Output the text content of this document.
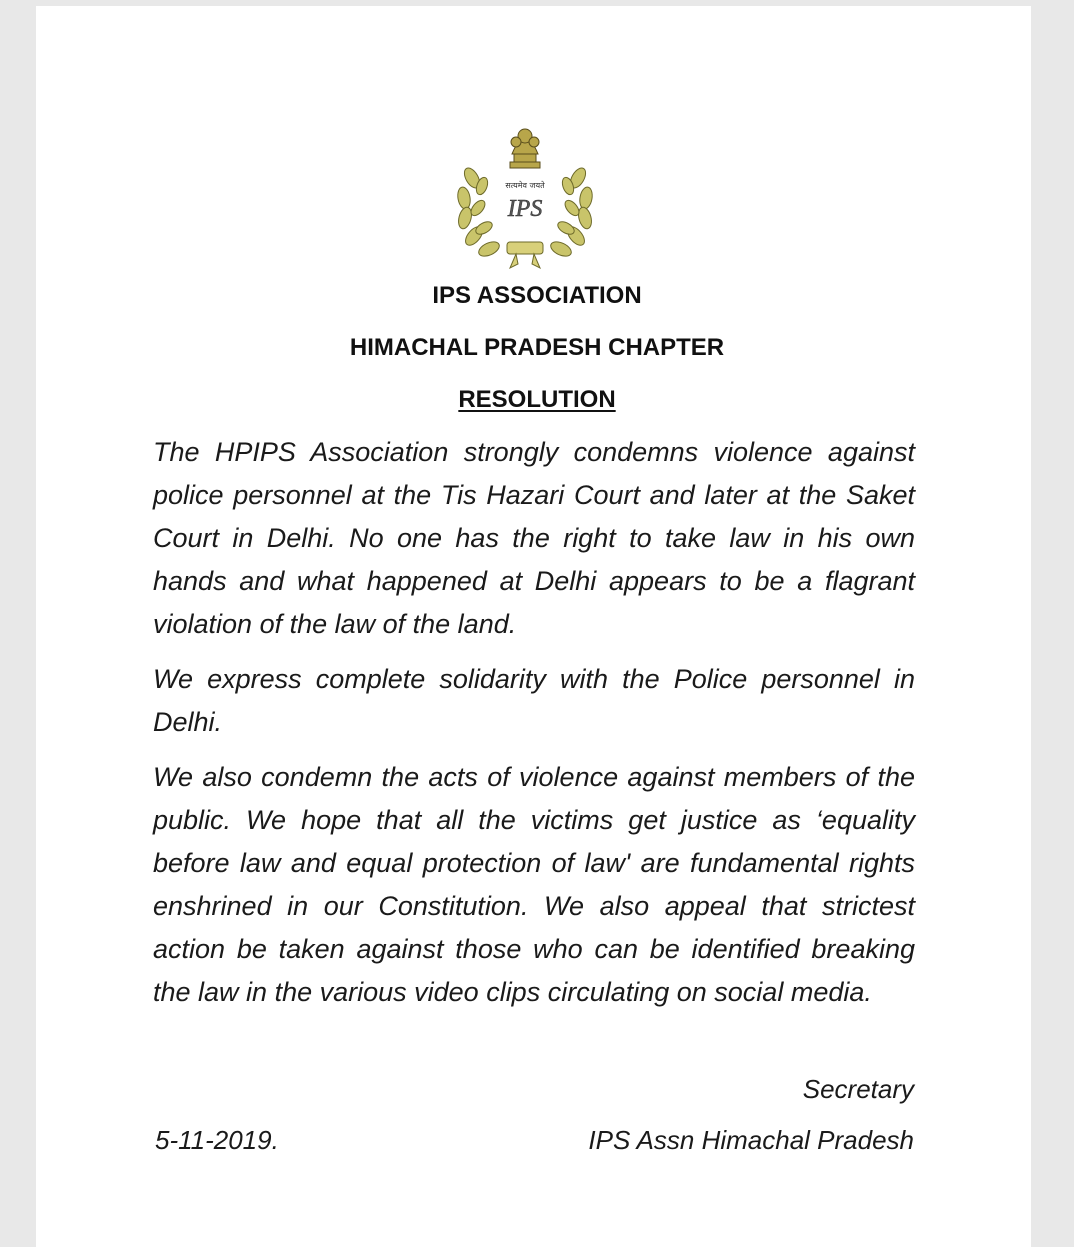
सत्यमेव जयते
IPS
IPS ASSOCIATION
HIMACHAL PRADESH CHAPTER
RESOLUTION

The HPIPS Association strongly condemns violence against police personnel at the Tis Hazari Court and later at the Saket Court in Delhi. No one has the right to take law in his own hands and what happened at Delhi appears to be a flagrant violation of the law of the land.

We express complete solidarity with the Police personnel in Delhi.

We also condemn the acts of violence against members of the public. We hope that all the victims get justice as ‘equality before law and equal protection of law' are fundamental rights enshrined in our Constitution. We also appeal that strictest action be taken against those who can be identified breaking the law in the various video clips circulating on social media.

Secretary
5-11-2019.	IPS Assn Himachal Pradesh
